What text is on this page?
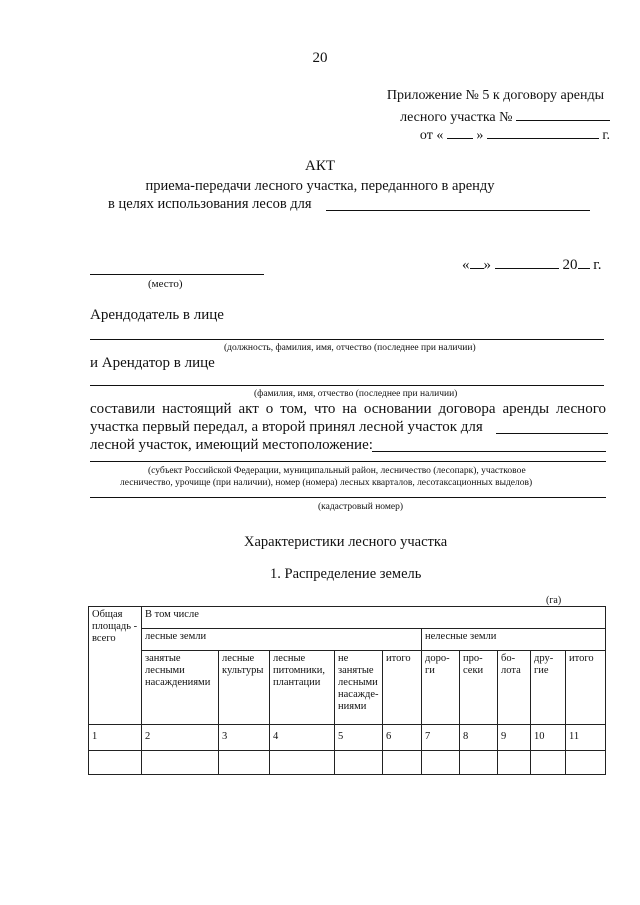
20
Приложение № 5 к договору аренды
лесного участка №
от « »	г.
АКТ
приема-передачи лесного участка, переданного в аренду
в целях использования лесов для
« »	20 г.
(место)
Арендодатель в лице
(должность, фамилия, имя, отчество (последнее при наличии)
и Арендатор в лице
(фамилия, имя, отчество (последнее при наличии)
составили настоящий акт о том, что на основании договора аренды лесного
участка первый передал, а второй принял лесной участок для
лесной участок, имеющий местоположение:
(субъект Российской Федерации, муниципальный район, лесничество (лесопарк), участковое
лесничество, урочище (при наличии), номер (номера) лесных кварталов, лесотаксационных выделов)
(кадастровый номер)
Характеристики лесного участка
1. Распределение земель
(га)
Общая площадь - всего	В том числе									
	лесные земли					нелесные земли				
	занятые лесными насаждениями	лесные культуры	лесные питомники, плантации	не занятые лесными насажде-ниями	итого	доро-ги	про-секи	бо-лота	дру-гие	итого
1	2	3	4	5	6	7	8	9	10	11
